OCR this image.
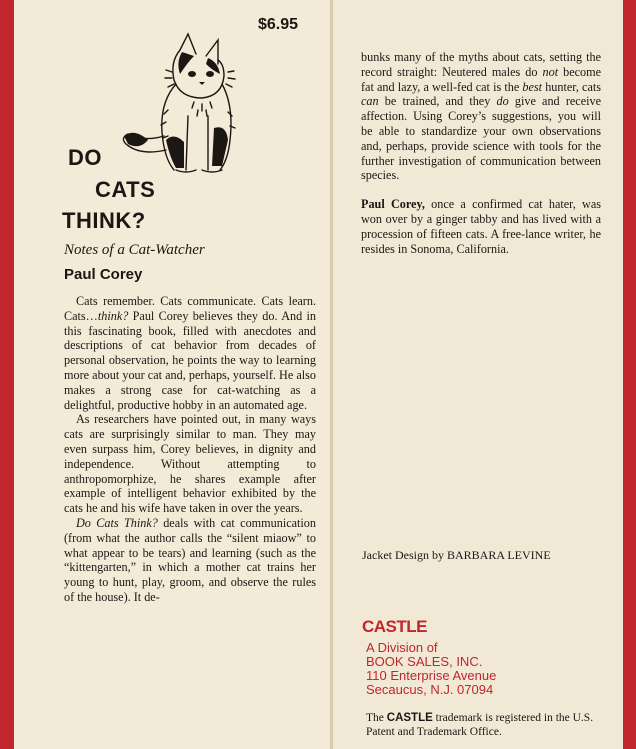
$6.95
DO
CATS
THINK?
Notes of a Cat-Watcher
Paul Corey

Cats remember. Cats communicate. Cats learn. Cats…think? Paul Corey believes they do. And in this fascinating book, filled with anecdotes and descriptions of cat behavior from decades of personal observation, he points the way to learning more about your cat and, perhaps, yourself. He also makes a strong case for cat-watching as a delightful, productive hobby in an automated age.

As researchers have pointed out, in many ways cats are surprisingly similar to man. They may even surpass him, Corey believes, in dignity and independence. Without attempting to anthropomorphize, he shares example after example of intelligent behavior exhibited by the cats he and his wife have taken in over the years.

Do Cats Think? deals with cat communication (from what the author calls the “silent miaow” to what appear to be tears) and learning (such as the “kittengarten,” in which a mother cat trains her young to hunt, play, groom, and observe the rules of the house). It de-

bunks many of the myths about cats, setting the record straight: Neutered males do not become fat and lazy, a well-fed cat is the best hunter, cats can be trained, and they do give and receive affection. Using Corey’s suggestions, you will be able to standardize your own observations and, perhaps, provide science with tools for the further investigation of communication between species.

Paul Corey, once a confirmed cat hater, was won over by a ginger tabby and has lived with a procession of fifteen cats. A free-lance writer, he resides in Sonoma, California.

Jacket Design by BARBARA LEVINE
CASTLE
A Division of
BOOK SALES, INC.
110 Enterprise Avenue
Secaucus, N.J. 07094
The CASTLE trademark is registered in the U.S. Patent and Trademark Office.
